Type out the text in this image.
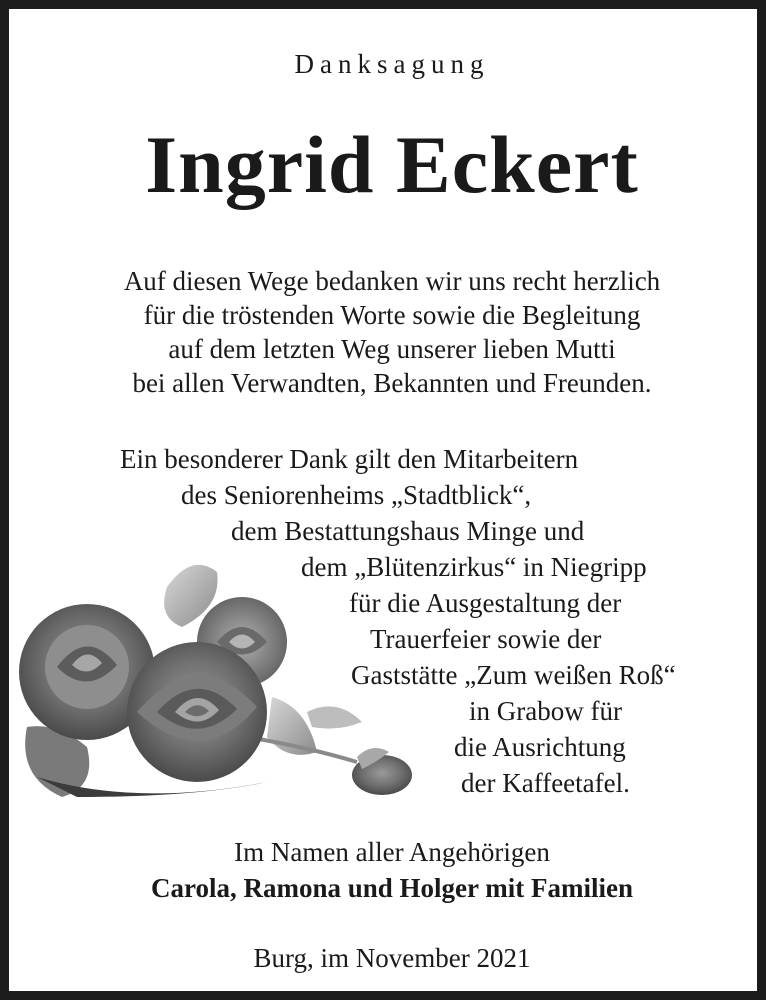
Danksagung
Ingrid Eckert
Auf diesen Wege bedanken wir uns recht herzlich
für die tröstenden Worte sowie die Begleitung
auf dem letzten Weg unserer lieben Mutti
bei allen Verwandten, Bekannten und Freunden.
Ein besonderer Dank gilt den Mitarbeitern
des Seniorenheims „Stadtblick“,
dem Bestattungshaus Minge und
dem „Blütenzirkus“ in Niegripp
für die Ausgestaltung der
Trauerfeier sowie der
Gaststätte „Zum weißen Roß“
in Grabow für
die Ausrichtung
der Kaffeetafel.
Im Namen aller Angehörigen
Carola, Ramona und Holger mit Familien
Burg, im November 2021
